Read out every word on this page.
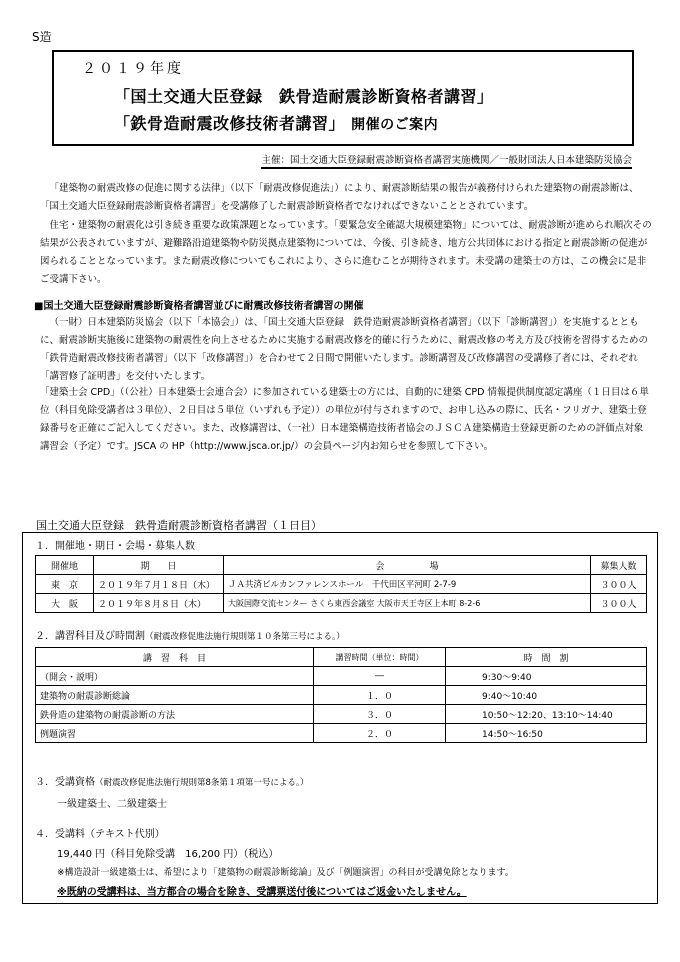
S造
２０１９年度
「国土交通大臣登録　鉄骨造耐震診断資格者講習」
「鉄骨造耐震改修技術者講習」 開催のご案内
主催：国土交通大臣登録耐震診断資格者講習実施機関／一般財団法人日本建築防災協会
「建築物の耐震改修の促進に関する法律」（以下「耐震改修促進法」）により、耐震診断結果の報告が義務付けられた建築物の耐震診断は、「国土交通大臣登録耐震診断資格者講習」を受講修了した耐震診断資格者でなければできないこととされています。
住宅・建築物の耐震化は引き続き重要な政策課題となっています。「要緊急安全確認大規模建築物」については、耐震診断が進められ順次その結果が公表されていますが、避難路沿道建築物や防災拠点建築物については、今後、引き続き、地方公共団体における指定と耐震診断の促進が図られることとなっています。また耐震改修についてもこれにより、さらに進むことが期待されます。未受講の建築士の方は、この機会に是非ご受講下さい。
■国土交通大臣登録耐震診断資格者講習並びに耐震改修技術者講習の開催
（一財）日本建築防災協会（以下「本協会」）は、「国土交通大臣登録　鉄骨造耐震診断資格者講習」（以下「診断講習」）を実施するとともに、耐震診断実施後に建築物の耐震性を向上させるために実施する耐震改修を的確に行うために、耐震改修の考え方及び技術を習得するための「鉄骨造耐震改修技術者講習」（以下「改修講習」）を合わせて２日間で開催いたします。診断講習及び改修講習の受講修了者には、それぞれ「講習修了証明書」を交付いたします。
「建築士会 CPD」（（公社）日本建築士会連合会）に参加されている建築士の方には、自動的に建築 CPD 情報提供制度認定講座（１日目は６単位（科目免除受講者は３単位）、２日目は５単位（いずれも予定））の単位が付与されますので、お申し込みの際に、氏名・フリガナ、建築士登録番号を正確にご記入してください。また、改修講習は、（一社）日本建築構造技術者協会のＪＳＣＡ建築構造士登録更新のための評価点対象講習会（予定）です。JSCA の HP（http://www.jsca.or.jp/）の会員ページ内お知らせを参照して下さい。
国土交通大臣登録　鉄骨造耐震診断資格者講習（１日目）
１．開催地・期日・会場・募集人数
開催地	期　　日	会　　　　　場	募集人数
東　京	２０１９年７月１８日（木）	ＪＡ共済ビルカンファレンスホール　千代田区平河町 2-7-9	３００人
大　阪	２０１９年８月８日（木）	大阪国際交流センター さくら東西会議室 大阪市天王寺区上本町 8-2-6	３００人
２．講習科目及び時間割（耐震改修促進法施行規則第１０条第三号による。）
講　習　科　目	講習時間（単位：時間）	時　間　割
（開会・説明）	―	9:30〜9:40
建築物の耐震診断総論	１．０	9:40〜10:40
鉄骨造の建築物の耐震診断の方法	３．０	10:50〜12:20、13:10〜14:40
例題演習	２．０	14:50〜16:50
３．受講資格（耐震改修促進法施行規則第8条第１項第一号による。）
一級建築士、二級建築士
４．受講料（テキスト代別）
19,440 円（科目免除受講　16,200 円）（税込）
※構造設計一級建築士は、希望により「建築物の耐震診断総論」及び「例題演習」の科目が受講免除となります。
※既納の受講料は、当方都合の場合を除き、受講票送付後についてはご返金いたしません。
